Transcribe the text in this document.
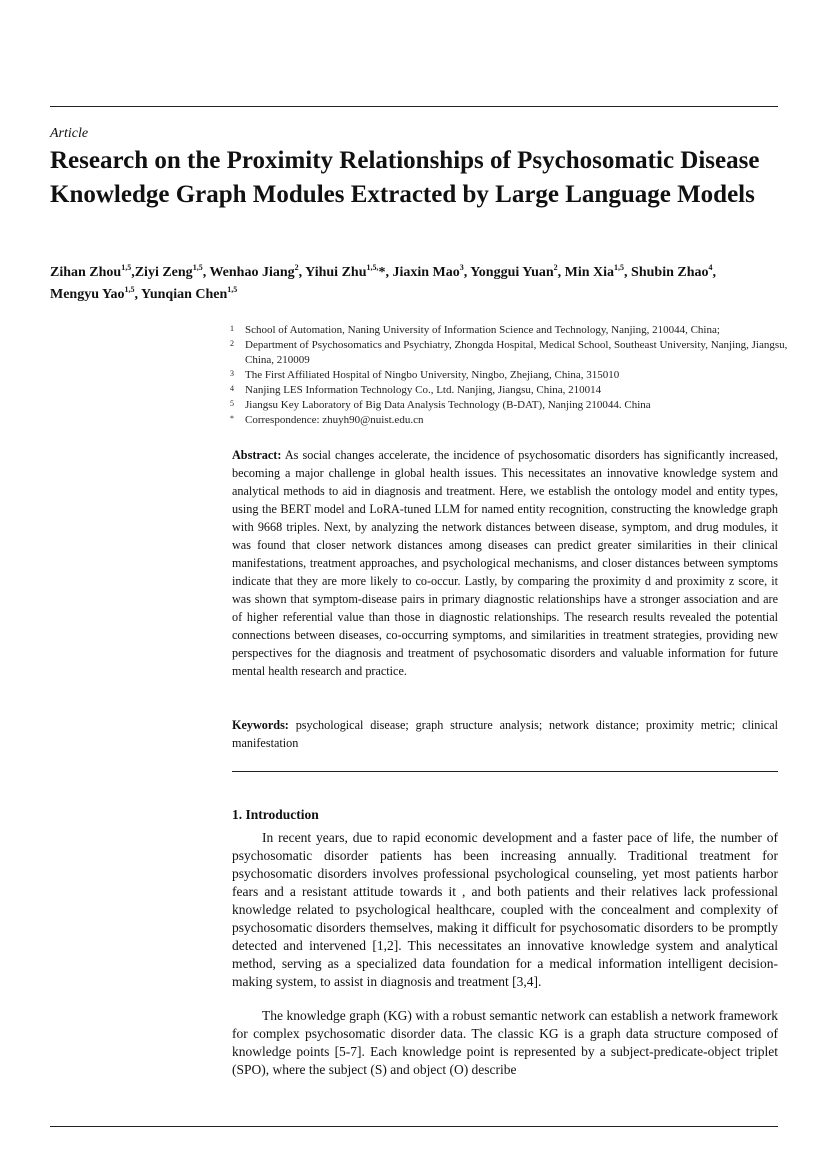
Article
Research on the Proximity Relationships of Psychosomatic Disease Knowledge Graph Modules Extracted by Large Language Models

Zihan Zhou$^{1,5}$,Ziyi Zeng$^{1,5}$, Wenhao Jiang$^2$, Yihui Zhu$^{1,5,}$*, Jiaxin Mao$^3$, Yonggui Yuan$^2$, Min Xia$^{1,5}$, Shubin Zhao$^4$,
Mengyu Yao$^{1,5}$, Yunqian Chen$^{1,5}$

1 School of Automation, Naning University of Information Science and Technology, Nanjing, 210044, China;
2 Department of Psychosomatics and Psychiatry, Zhongda Hospital, Medical School, Southeast University, Nanjing, Jiangsu, China, 210009
3 The First Affiliated Hospital of Ningbo University, Ningbo, Zhejiang, China, 315010
4 Nanjing LES Information Technology Co., Ltd. Nanjing, Jiangsu, China, 210014
5 Jiangsu Key Laboratory of Big Data Analysis Technology (B-DAT), Nanjing 210044. China
* Correspondence: zhuyh90@nuist.edu.cn

Abstract: As social changes accelerate, the incidence of psychosomatic disorders has significantly increased, becoming a major challenge in global health issues. This necessitates an innovative knowledge system and analytical methods to aid in diagnosis and treatment. Here, we establish the ontology model and entity types, using the BERT model and LoRA-tuned LLM for named entity recognition, constructing the knowledge graph with 9668 triples. Next, by analyzing the network distances between disease, symptom, and drug modules, it was found that closer network distances among diseases can predict greater similarities in their clinical manifestations, treatment approaches, and psychological mechanisms, and closer distances between symptoms indicate that they are more likely to co-occur. Lastly, by comparing the proximity d and proximity z score, it was shown that symptom-disease pairs in primary diagnostic relationships have a stronger association and are of higher referential value than those in diagnostic relationships. The research results revealed the potential connections between diseases, co-occurring symptoms, and similarities in treatment strategies, providing new perspectives for the diagnosis and treatment of psychosomatic disorders and valuable information for future mental health research and practice.

Keywords: psychological disease; graph structure analysis; network distance; proximity metric; clinical manifestation

1. Introduction

In recent years, due to rapid economic development and a faster pace of life, the number of psychosomatic disorder patients has been increasing annually. Traditional treatment for psychosomatic disorders involves professional psychological counseling, yet most patients harbor fears and a resistant attitude towards it , and both patients and their relatives lack professional knowledge related to psychological healthcare, coupled with the concealment and complexity of psychosomatic disorders themselves, making it difficult for psychosomatic disorders to be promptly detected and intervened [1,2]. This necessitates an innovative knowledge system and analytical method, serving as a specialized data foundation for a medical information intelligent decision-making system, to assist in diagnosis and treatment [3,4].

The knowledge graph (KG) with a robust semantic network can establish a network framework for complex psychosomatic disorder data. The classic KG is a graph data structure composed of knowledge points [5-7]. Each knowledge point is represented by a subject-predicate-object triplet (SPO), where the subject (S) and object (O) describe
